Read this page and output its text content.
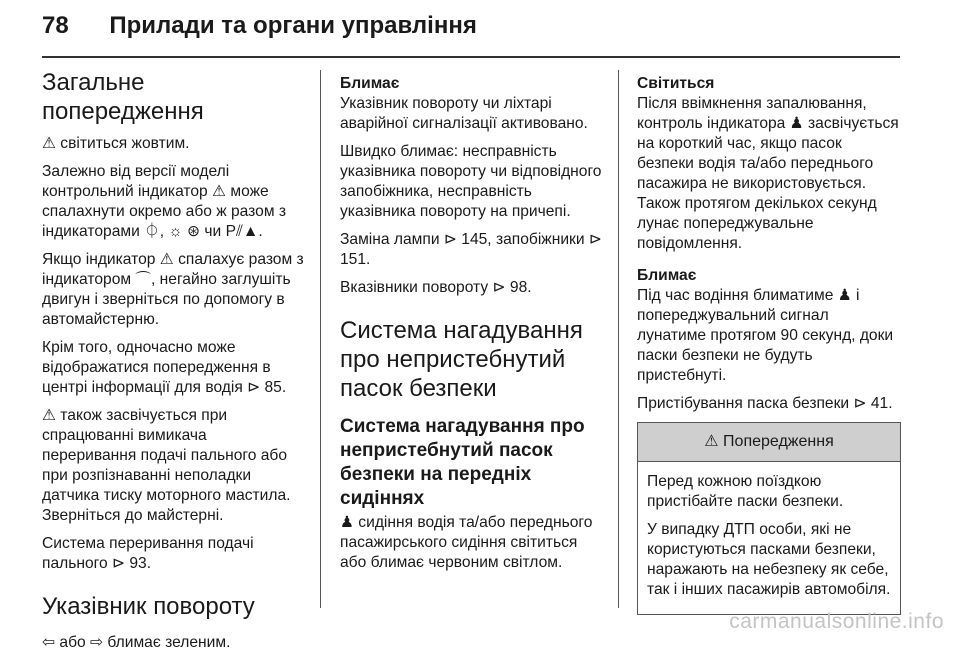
78 Прилади та органи управління
Загальне попередження

⚠ світиться жовтим.

Залежно від версії моделі контрольний індикатор ⚠ може спалахнути окремо або ж разом з індикаторами ⏀, ☼ ⊛ чи P⫽▲.

Якщо індикатор ⚠ спалахує разом з індикатором ⌒, негайно заглушіть двигун і зверніться по допомогу в автомайстерню.

Крім того, одночасно може відображатися попередження в центрі інформації для водія ⊳ 85.

⚠ також засвічується при спрацюванні вимикача переривання подачі пального або при розпізнаванні неполадки датчика тиску моторного мастила. Зверніться до майстерні.

Система переривання подачі пального ⊳ 93.

Указівник повороту

⇦ або ⇨ блимає зеленим.

Блимає

Указівник повороту чи ліхтарі аварійної сигналізації активовано.

Швидко блимає: несправність указівника повороту чи відповідного запобіжника, несправність указівника повороту на причепі.

Заміна лампи ⊳ 145, запобіжники ⊳ 151.

Вказівники повороту ⊳ 98.

Система нагадування про непристебнутий пасок безпеки
Система нагадування про непристебнутий пасок безпеки на передніх сидіннях

♟ сидіння водія та/або переднього пасажирського сидіння світиться або блимає червоним світлом.

Світиться

Після ввімкнення запалювання, контроль індикатора ♟ засвічується на короткий час, якщо пасок безпеки водія та/або переднього пасажира не використовується. Також протягом декількох секунд лунає попереджувальне повідомлення.

Блимає

Під час водіння блиматиме ♟ і попереджувальний сигнал лунатиме протягом 90 секунд, доки паски безпеки не будуть пристебнуті.

Пристібування паска безпеки ⊳ 41.

⚠ Попередження

Перед кожною поїздкою пристібайте паски безпеки.

У випадку ДТП особи, які не користуються пасками безпеки, наражають на небезпеку як себе, так і інших пасажирів автомобіля.

carmanualsonline.info
